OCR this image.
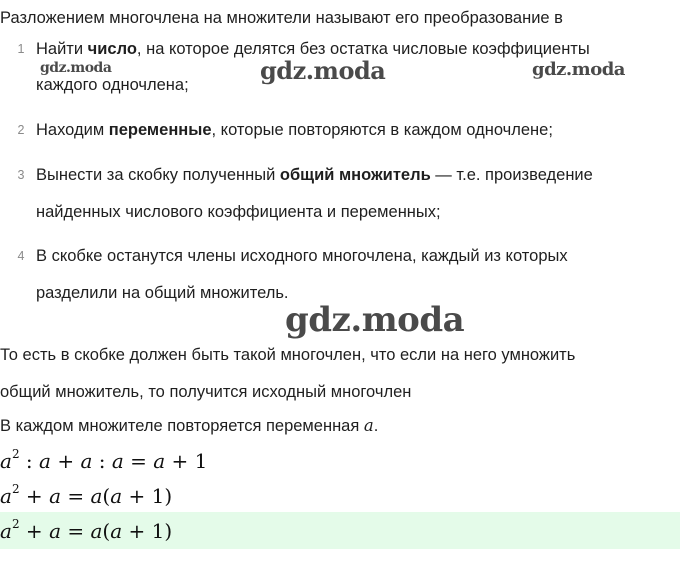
Разложением многочлена на множители называют его преобразование в
1 Найти число, на которое делятся без остатка числовые коэффициенты
каждого одночлена;
2 Находим переменные, которые повторяются в каждом одночлене;
3 Вынести за скобку полученный общий множитель — т.е. произведение
найденных числового коэффициента и переменных;
4 В скобке останутся члены исходного многочлена, каждый из которых
разделили на общий множитель.
То есть в скобке должен быть такой многочлен, что если на него умножить
общий множитель, то получится исходный многочлен
В каждом множителе повторяется переменная a.
$a^2$ : a + a : a = a + 1
$a^2 + a = a(a + 1)$
$a^2 + a = a(a + 1)$
gdz.moda	gdz.moda	gdz.moda
gdz.moda
